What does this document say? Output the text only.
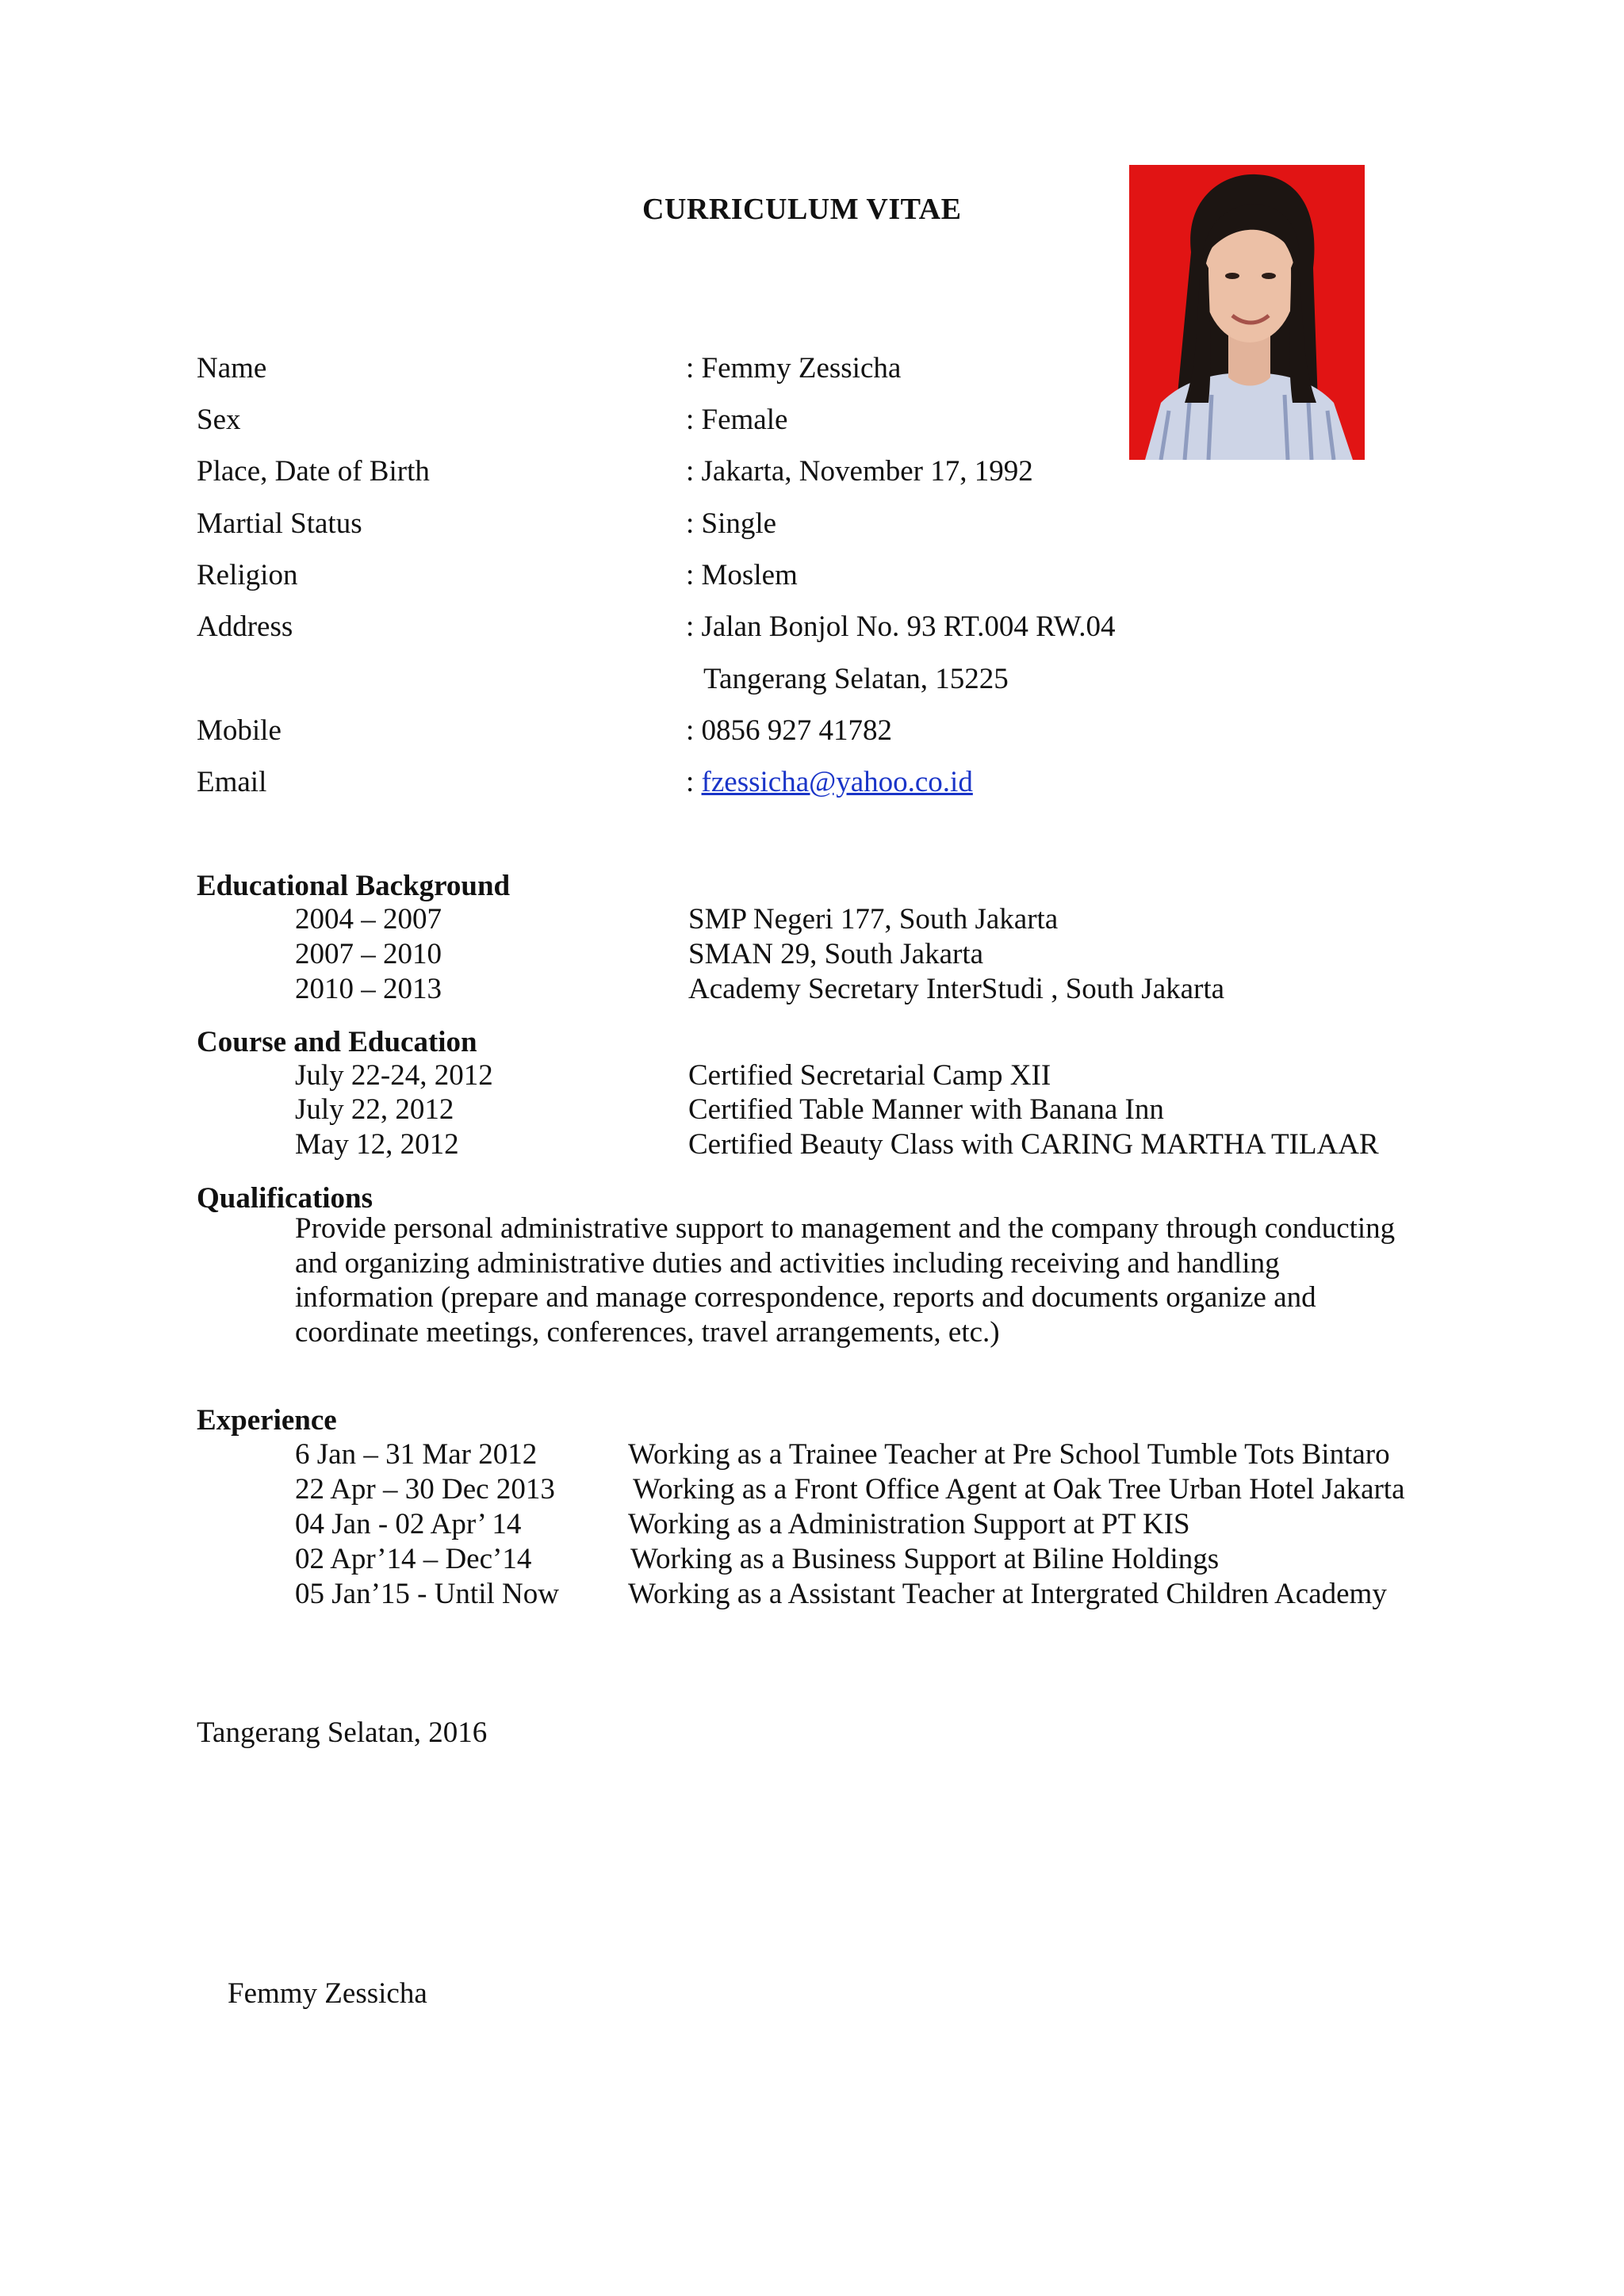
CURRICULUM VITAE
Name	: Femmy Zessicha
Sex	: Female
Place, Date of Birth	: Jakarta, November 17, 1992
Martial Status	: Single
Religion	: Moslem
Address	: Jalan Bonjol No. 93 RT.004 RW.04
Tangerang Selatan, 15225
Mobile	: 0856 927 41782
Email	: fzessicha@yahoo.co.id
Educational Background
2004 – 2007	SMP Negeri 177, South Jakarta
2007 – 2010	SMAN 29, South Jakarta
2010 – 2013	Academy Secretary InterStudi , South Jakarta
Course and Education
July 22-24, 2012	Certified Secretarial Camp XII
July 22, 2012	Certified Table Manner with Banana Inn
May 12, 2012	Certified Beauty Class with CARING MARTHA TILAAR
Qualifications
Provide personal administrative support to management and the company through conducting
and organizing administrative duties and activities including receiving and handling
information (prepare and manage correspondence, reports and documents organize and
coordinate meetings, conferences, travel arrangements, etc.)
Experience
6 Jan – 31 Mar 2012	Working as a Trainee Teacher at Pre School Tumble Tots Bintaro
22 Apr – 30 Dec 2013	Working as a Front Office Agent at Oak Tree Urban Hotel Jakarta
04 Jan - 02 Apr’ 14	Working as a Administration Support at PT KIS
02 Apr’14 – Dec’14	Working as a Business Support at Biline Holdings
05 Jan’15 - Until Now Working as a Assistant Teacher at Intergrated Children Academy
Tangerang Selatan, 2016
Femmy Zessicha
